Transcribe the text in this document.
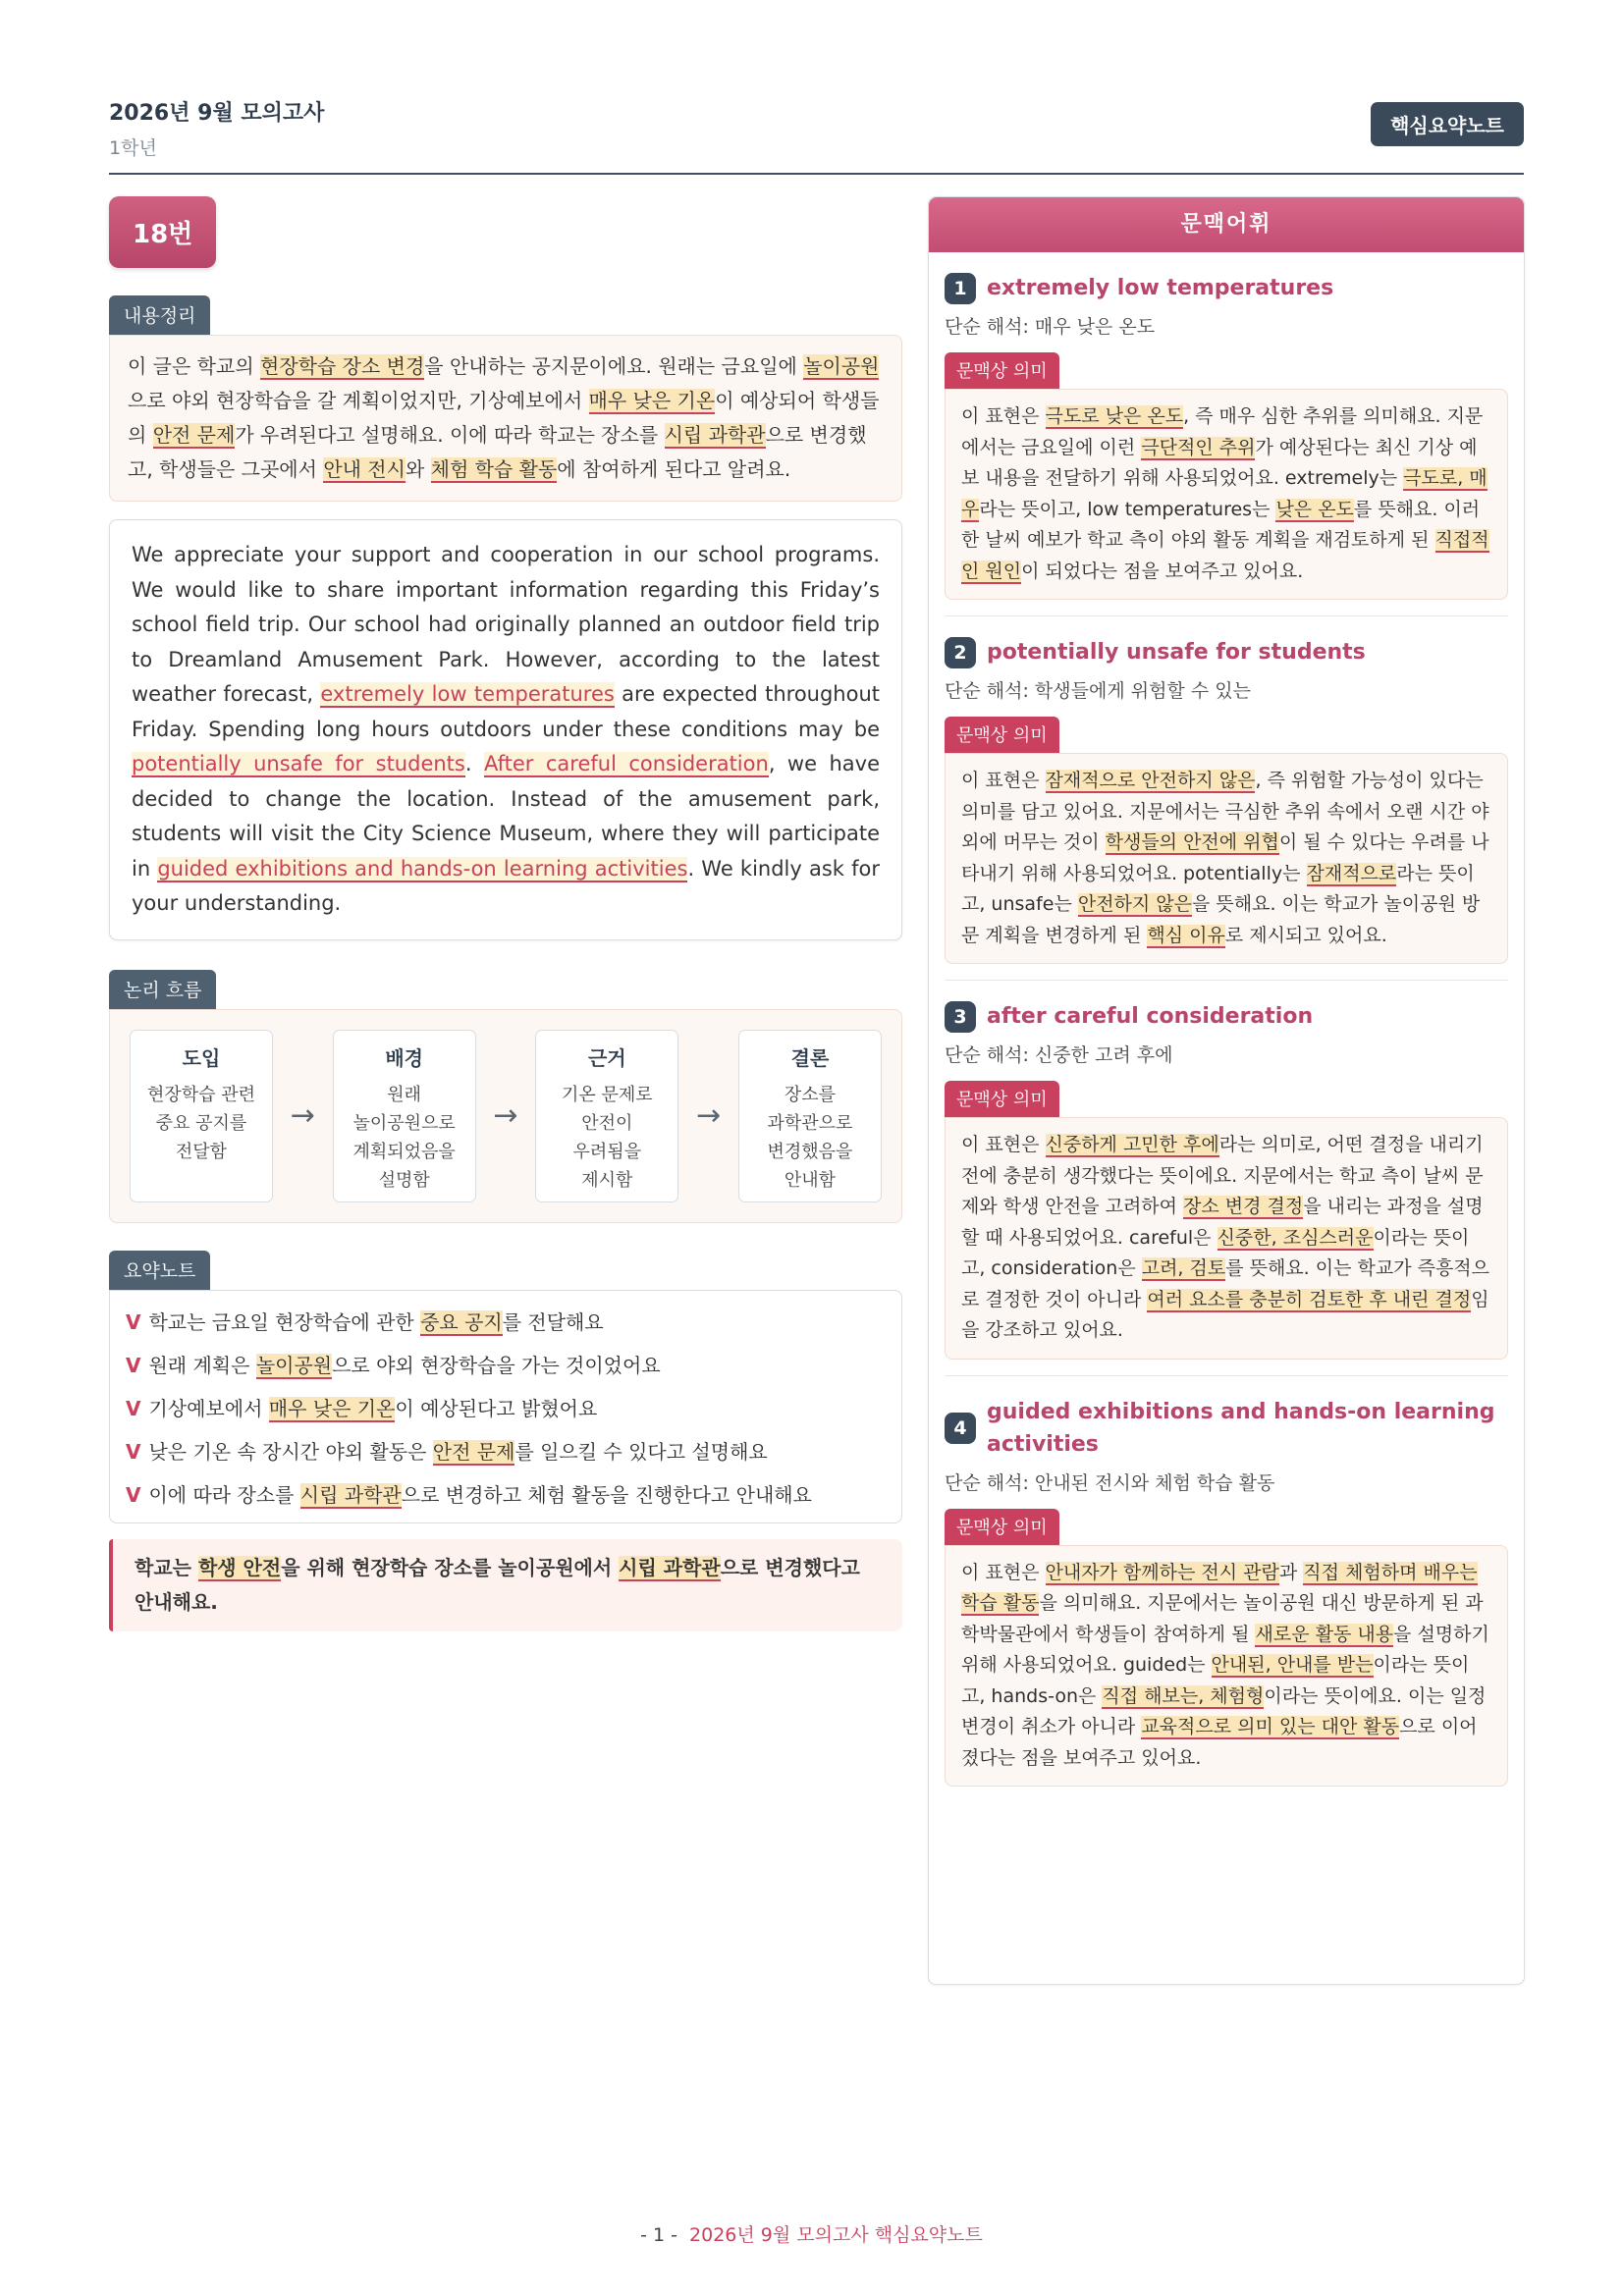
2026년 9월 모의고사
1학년
핵심요약노트
18번
내용정리
이 글은 학교의 현장학습 장소 변경을 안내하는 공지문이에요. 원래는 금요일에 놀이공원으로 야외 현장학습을 갈 계획이었지만, 기상예보에서 매우 낮은 기온이 예상되어 학생들의 안전 문제가 우려된다고 설명해요. 이에 따라 학교는 장소를 시립 과학관으로 변경했고, 학생들은 그곳에서 안내 전시와 체험 학습 활동에 참여하게 된다고 알려요.
We appreciate your support and cooperation in our school programs. We would like to share important information regarding this Friday’s school field trip. Our school had originally planned an outdoor field trip to Dreamland Amusement Park. However, according to the latest weather forecast, extremely low temperatures are expected throughout Friday. Spending long hours outdoors under these conditions may be potentially unsafe for students. After careful consideration, we have decided to change the location. Instead of the amusement park, students will visit the City Science Museum, where they will participate in guided exhibitions and hands-on learning activities. We kindly ask for your understanding.
논리 흐름
도입
현장학습 관련
중요 공지를
전달함
→
배경
원래
놀이공원으로
계획되었음을
설명함
→
근거
기온 문제로
안전이
우려됨을
제시함
→
결론
장소를
과학관으로
변경했음을
안내함
요약노트
V 학교는 금요일 현장학습에 관한 중요 공지를 전달해요
V 원래 계획은 놀이공원으로 야외 현장학습을 가는 것이었어요
V 기상예보에서 매우 낮은 기온이 예상된다고 밝혔어요
V 낮은 기온 속 장시간 야외 활동은 안전 문제를 일으킬 수 있다고 설명해요
V 이에 따라 장소를 시립 과학관으로 변경하고 체험 활동을 진행한다고 안내해요
학교는 학생 안전을 위해 현장학습 장소를 놀이공원에서 시립 과학관으로 변경했다고 안내해요.
문맥어휘
1 extremely low temperatures
단순 해석: 매우 낮은 온도
문맥상 의미
이 표현은 극도로 낮은 온도, 즉 매우 심한 추위를 의미해요. 지문에서는 금요일에 이런 극단적인 추위가 예상된다는 최신 기상 예보 내용을 전달하기 위해 사용되었어요. extremely는 극도로, 매우라는 뜻이고, low temperatures는 낮은 온도를 뜻해요. 이러한 날씨 예보가 학교 측이 야외 활동 계획을 재검토하게 된 직접적인 원인이 되었다는 점을 보여주고 있어요.
2 potentially unsafe for students
단순 해석: 학생들에게 위험할 수 있는
문맥상 의미
이 표현은 잠재적으로 안전하지 않은, 즉 위험할 가능성이 있다는 의미를 담고 있어요. 지문에서는 극심한 추위 속에서 오랜 시간 야외에 머무는 것이 학생들의 안전에 위협이 될 수 있다는 우려를 나타내기 위해 사용되었어요. potentially는 잠재적으로라는 뜻이고, unsafe는 안전하지 않은을 뜻해요. 이는 학교가 놀이공원 방문 계획을 변경하게 된 핵심 이유로 제시되고 있어요.
3 after careful consideration
단순 해석: 신중한 고려 후에
문맥상 의미
이 표현은 신중하게 고민한 후에라는 의미로, 어떤 결정을 내리기 전에 충분히 생각했다는 뜻이에요. 지문에서는 학교 측이 날씨 문제와 학생 안전을 고려하여 장소 변경 결정을 내리는 과정을 설명할 때 사용되었어요. careful은 신중한, 조심스러운이라는 뜻이고, consideration은 고려, 검토를 뜻해요. 이는 학교가 즉흥적으로 결정한 것이 아니라 여러 요소를 충분히 검토한 후 내린 결정임을 강조하고 있어요.
4
guided exhibitions and hands-on learning activities
단순 해석: 안내된 전시와 체험 학습 활동
문맥상 의미
이 표현은 안내자가 함께하는 전시 관람과 직접 체험하며 배우는 학습 활동을 의미해요. 지문에서는 놀이공원 대신 방문하게 된 과학박물관에서 학생들이 참여하게 될 새로운 활동 내용을 설명하기 위해 사용되었어요. guided는 안내된, 안내를 받는이라는 뜻이고, hands-on은 직접 해보는, 체험형이라는 뜻이에요. 이는 일정 변경이 취소가 아니라 교육적으로 의미 있는 대안 활동으로 이어졌다는 점을 보여주고 있어요.
- 1 - 2026년 9월 모의고사 핵심요약노트
